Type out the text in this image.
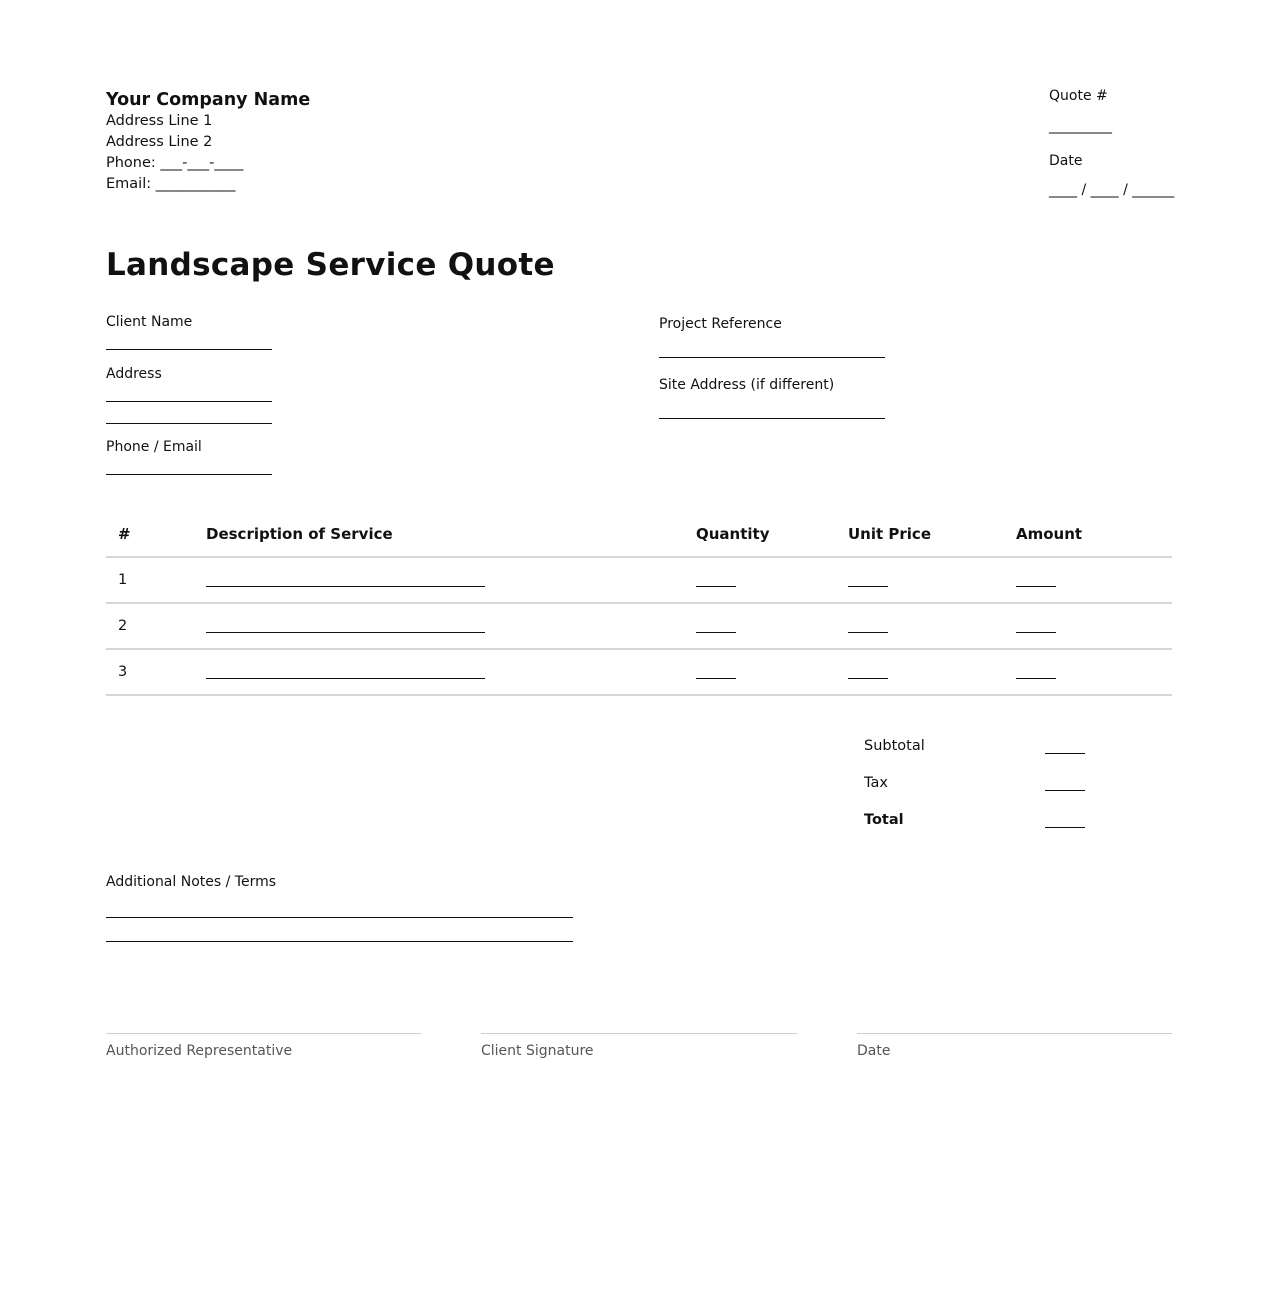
Your Company Name
Address Line 1
Address Line 2
Phone: ___-___-____
Email: ___________
Quote #
_________
Date
____ / ____ / ______
Landscape Service Quote
Client Name
Address
Phone / Email
Project Reference
Site Address (if different)
#	Description of Service	Quantity	Unit Price	Amount
1
2
3
Subtotal
Tax
Total
Additional Notes / Terms
Authorized Representative	Client Signature	Date
